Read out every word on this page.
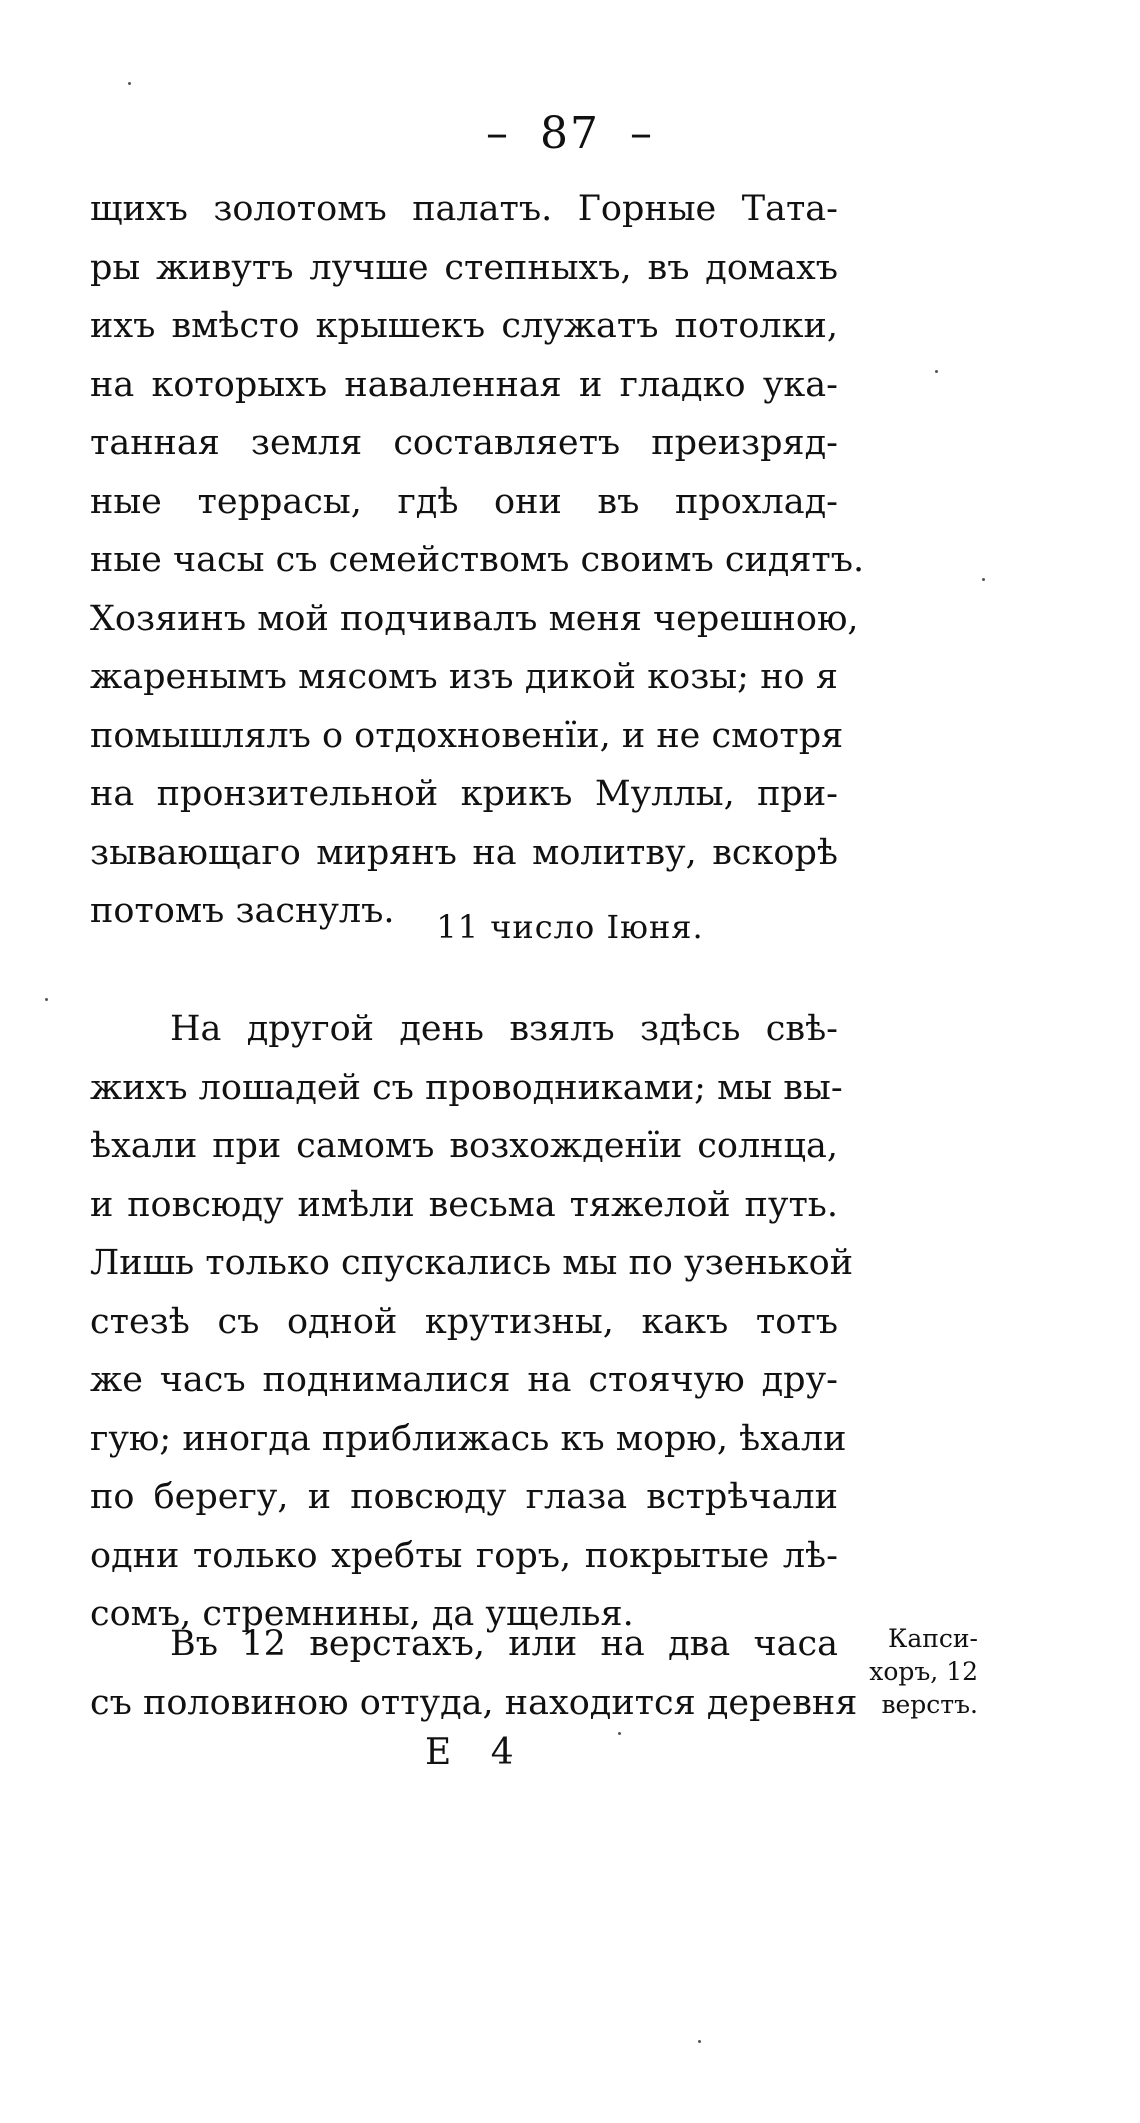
– 87 –
щихъ золотомъ палатъ. Горные Тата-
ры живутъ лучше степныхъ, въ домахъ
ихъ вмѣсто крышекъ служатъ потолки,
на которыхъ наваленная и гладко ука-
танная земля составляетъ преизряд-
ные террасы, гдѣ они въ прохлад-
ные часы съ семействомъ своимъ сидятъ.
Хозяинъ мой подчивалъ меня черешною,
жаренымъ мясомъ изъ дикой козы; но я
помышлялъ о отдохновенïи, и не смотря
на пронзительной крикъ Муллы, при-
зывающаго мирянъ на молитву, вскорѣ
потомъ заснулъ.	11 число Iюня.
На другой день взялъ здѣсь свѣ-
жихъ лошадей съ проводниками; мы вы-
ѣхали при самомъ возхожденïи солнца,
и повсюду имѣли весьма тяжелой путь.
Лишь только спускались мы по узенькой
стезѣ съ одной крутизны, какъ тотъ
же часъ поднималися на стоячую дру-
гую; иногда приближась къ морю, ѣхали
по берегу, и повсюду глаза встрѣчали
одни только хребты горъ, покрытые лѣ-
сомъ, стремнины, да ущелья.
Въ 12 верстахъ, или на два часа
съ половиною оттуда, находится деревня
Капси-
хоръ, 12
верстъ.
E 4
